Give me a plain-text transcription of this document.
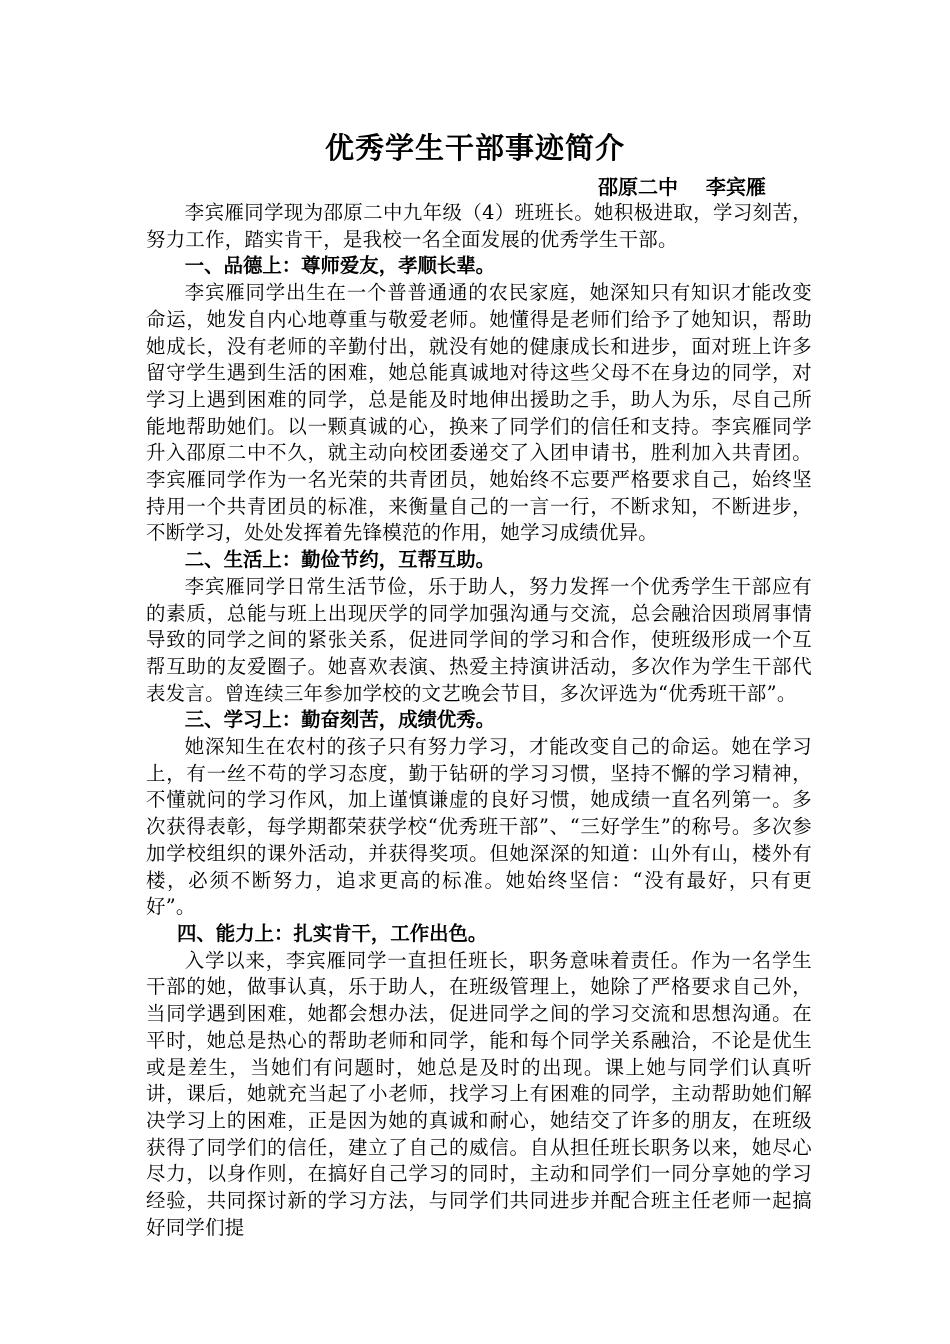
优秀学生干部事迹简介
邵原二中    李宾雁

李宾雁同学现为邵原二中九年级（4）班班长。她积极进取，学习刻苦，努力工作，踏实肯干，是我校一名全面发展的优秀学生干部。

一、品德上：尊师爱友，孝顺长辈。

李宾雁同学出生在一个普普通通的农民家庭，她深知只有知识才能改变命运，她发自内心地尊重与敬爱老师。她懂得是老师们给予了她知识，帮助她成长，没有老师的辛勤付出，就没有她的健康成长和进步，面对班上许多留守学生遇到生活的困难，她总能真诚地对待这些父母不在身边的同学，对学习上遇到困难的同学，总是能及时地伸出援助之手，助人为乐，尽自己所能地帮助她们。以一颗真诚的心，换来了同学们的信任和支持。李宾雁同学升入邵原二中不久，就主动向校团委递交了入团申请书，胜利加入共青团。李宾雁同学作为一名光荣的共青团员，她始终不忘要严格要求自己，始终坚持用一个共青团员的标准，来衡量自己的一言一行，不断求知，不断进步，不断学习，处处发挥着先锋模范的作用，她学习成绩优异。

二、生活上：勤俭节约，互帮互助。

李宾雁同学日常生活节俭，乐于助人，努力发挥一个优秀学生干部应有的素质，总能与班上出现厌学的同学加强沟通与交流，总会融洽因琐屑事情导致的同学之间的紧张关系，促进同学间的学习和合作，使班级形成一个互帮互助的友爱圈子。她喜欢表演、热爱主持演讲活动，多次作为学生干部代表发言。曾连续三年参加学校的文艺晚会节目，多次评选为“优秀班干部”。

三、学习上：勤奋刻苦，成绩优秀。

她深知生在农村的孩子只有努力学习，才能改变自己的命运。她在学习上，有一丝不苟的学习态度，勤于钻研的学习习惯，坚持不懈的学习精神，不懂就问的学习作风，加上谨慎谦虚的良好习惯，她成绩一直名列第一。多次获得表彰，每学期都荣获学校“优秀班干部”、“三好学生”的称号。多次参加学校组织的课外活动，并获得奖项。但她深深的知道：山外有山，楼外有楼，必须不断努力，追求更高的标准。她始终坚信：“没有最好，只有更好”。

四、能力上：扎实肯干，工作出色。

入学以来，李宾雁同学一直担任班长，职务意味着责任。作为一名学生干部的她，做事认真，乐于助人，在班级管理上，她除了严格要求自己外，当同学遇到困难，她都会想办法，促进同学之间的学习交流和思想沟通。在平时，她总是热心的帮助老师和同学，能和每个同学关系融洽，不论是优生或是差生，当她们有问题时，她总是及时的出现。课上她与同学们认真听讲，课后，她就充当起了小老师，找学习上有困难的同学，主动帮助她们解决学习上的困难，正是因为她的真诚和耐心，她结交了许多的朋友，在班级获得了同学们的信任，建立了自己的威信。自从担任班长职务以来，她尽心尽力，以身作则，在搞好自己学习的同时，主动和同学们一同分享她的学习经验，共同探讨新的学习方法，与同学们共同进步并配合班主任老师一起搞好同学们提
